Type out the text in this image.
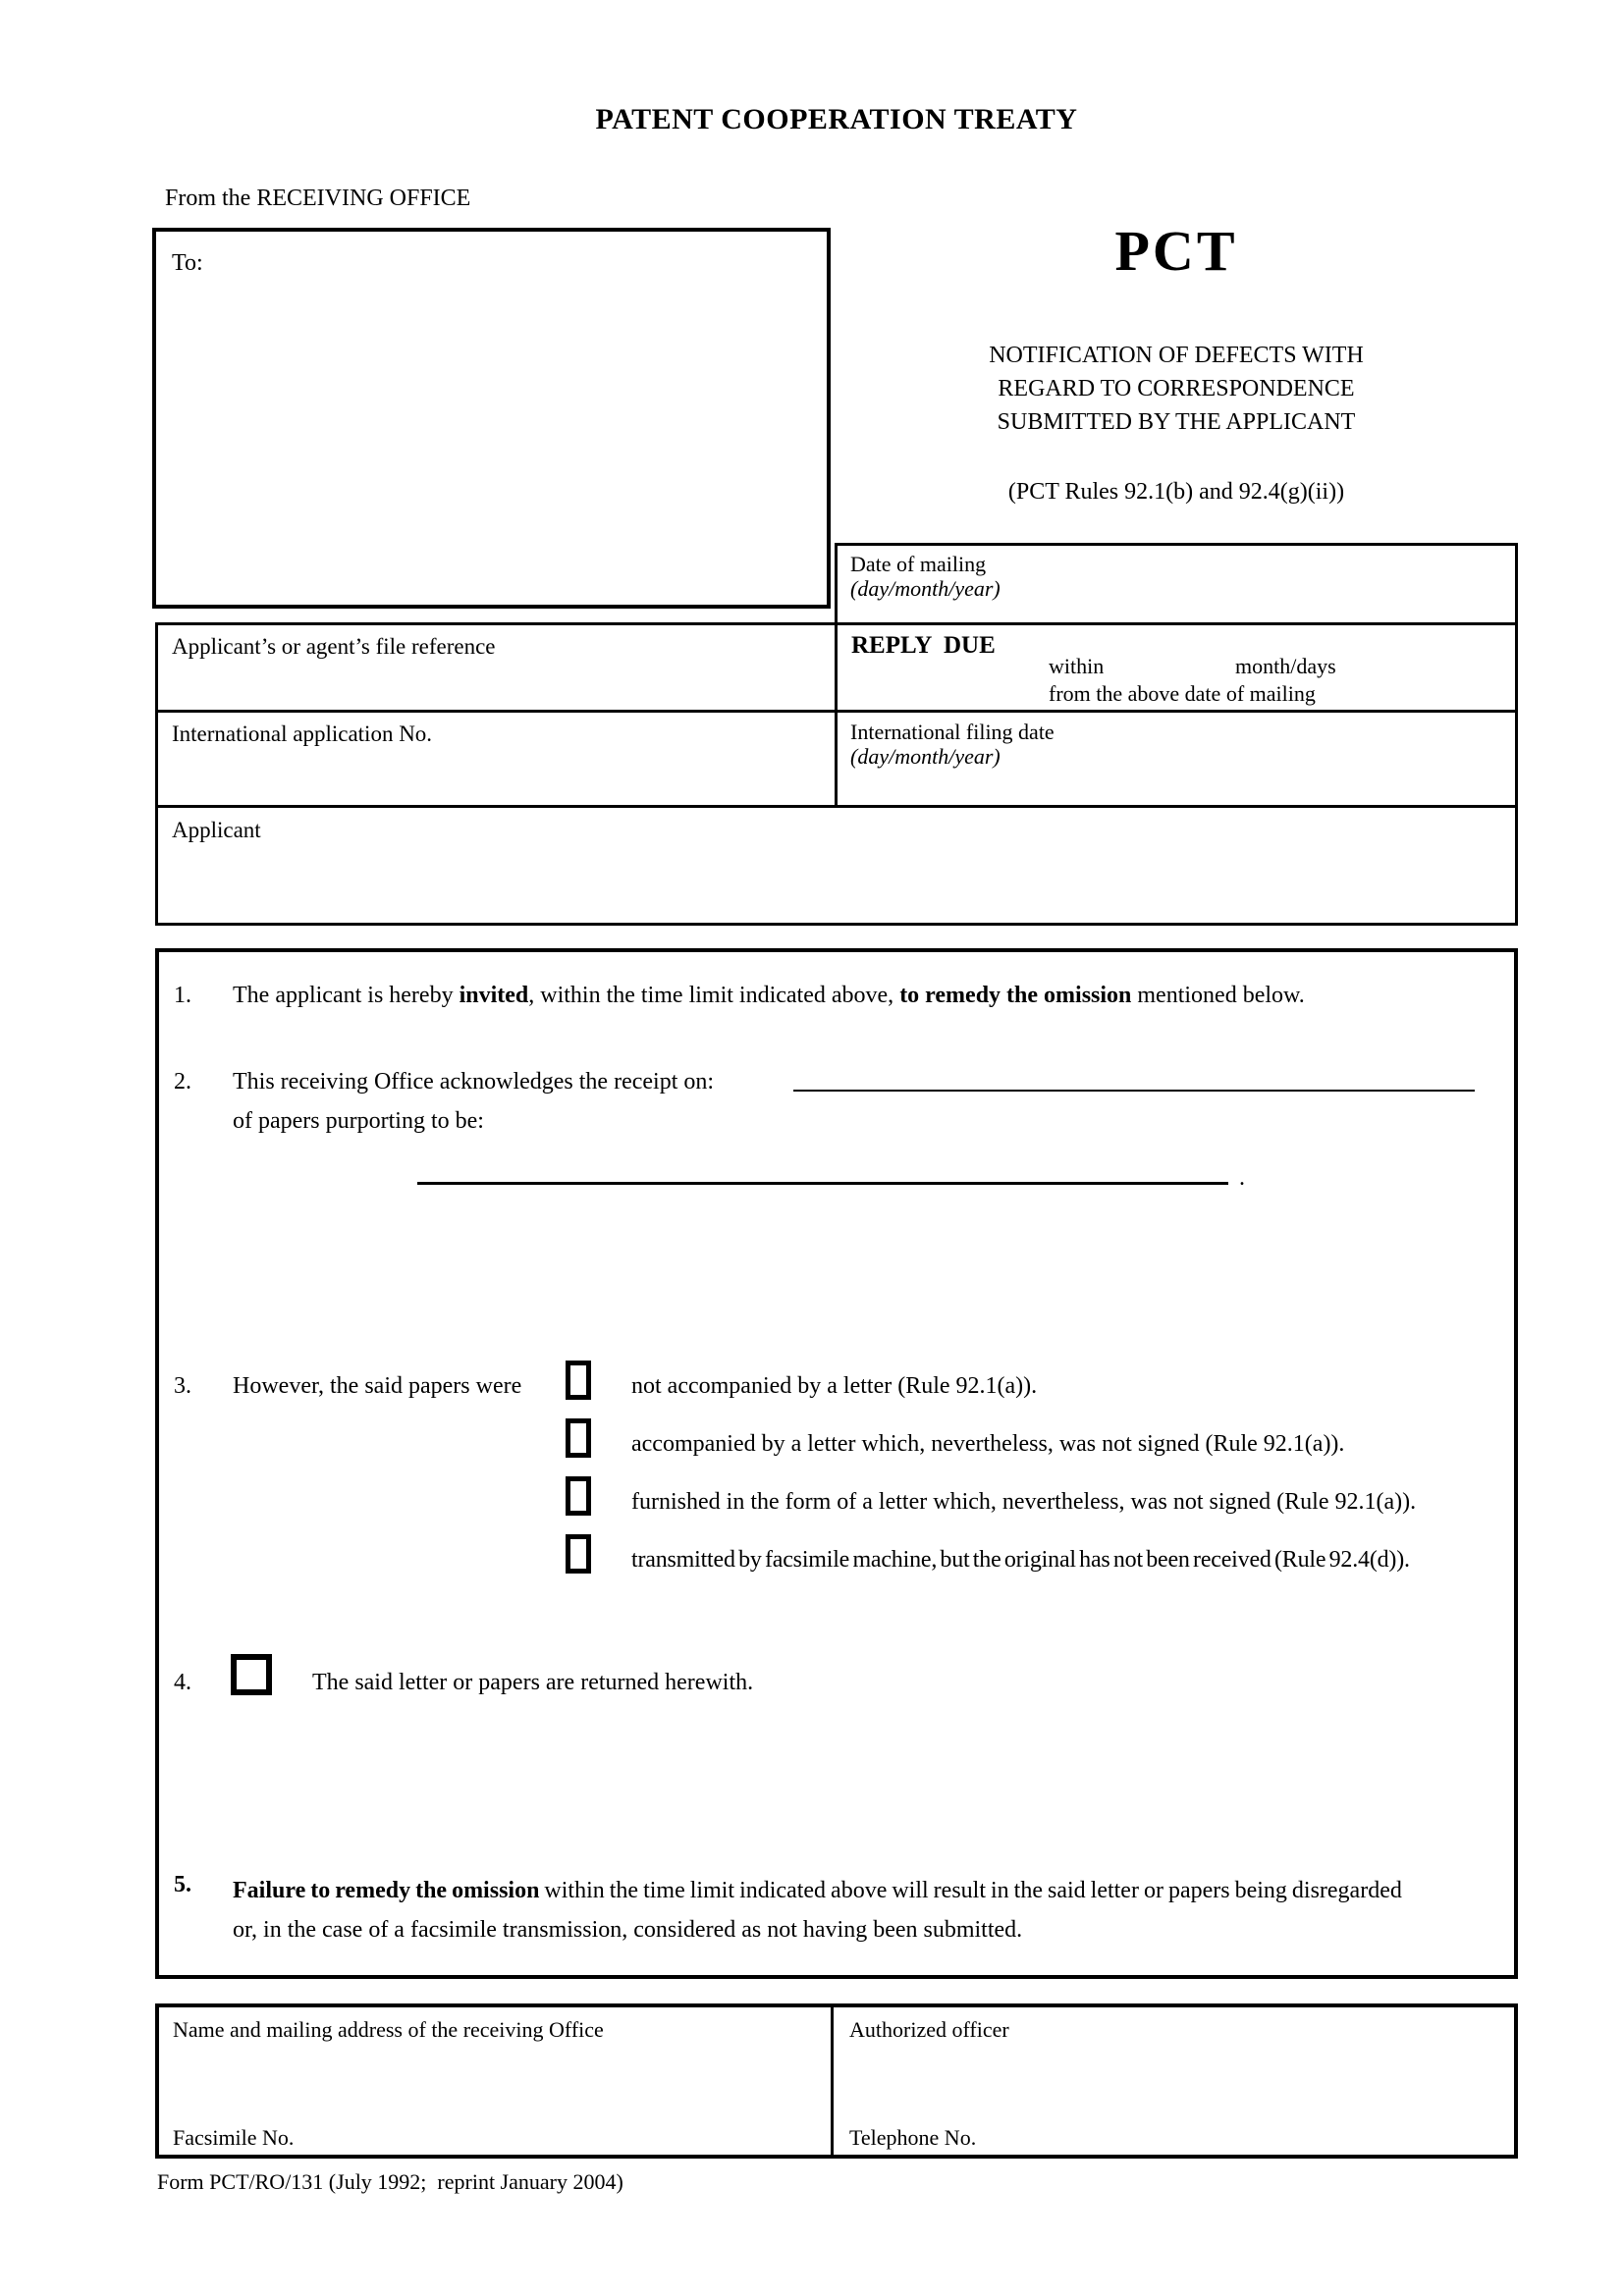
PATENT COOPERATION TREATY
From the RECEIVING OFFICE
To:	PCT
NOTIFICATION OF DEFECTS WITH
REGARD TO CORRESPONDENCE
SUBMITTED BY THE APPLICANT
(PCT Rules 92.1(b) and 92.4(g)(ii))
Date of mailing
(day/month/year)
Applicant’s or agent’s file reference	REPLY  DUE
within	month/days
from the above date of mailing
International application No.	International filing date
(day/month/year)
Applicant
1. The applicant is hereby invited, within the time limit indicated above, to remedy the omission mentioned below.
2. This receiving Office acknowledges the receipt on:
of papers purporting to be:
.
3. However, the said papers were	not accompanied by a letter (Rule 92.1(a)).
accompanied by a letter which, nevertheless, was not signed (Rule 92.1(a)).
furnished in the form of a letter which, nevertheless, was not signed (Rule 92.1(a)).
transmitted by facsimile machine, but the original has not been received (Rule 92.4(d)).
4.	The said letter or papers are returned herewith.
5. Failure to remedy the omission within the time limit indicated above will result in the said letter or papers being disregarded
or, in the case of a facsimile transmission, considered as not having been submitted.
Name and mailing address of the receiving Office	Authorized officer
Facsimile No.	Telephone No.
Form PCT/RO/131 (July 1992;  reprint January 2004)
